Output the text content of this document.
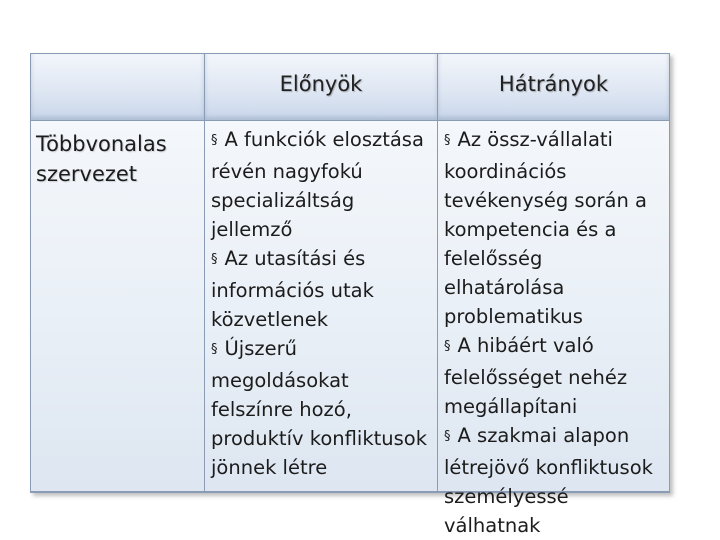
Előnyök	Hátrányok
Többvonalas szervezet

§ A funkciók elosztása révén nagyfokú specializáltság jellemző

§ Az utasítási és információs utak közvetlenek

§ Újszerű megoldásokat felszínre hozó, produktív konfliktusok jönnek létre

§ Az össz-vállalati koordinációs tevékenység során a kompetencia és a felelősség elhatárolása problematikus

§ A hibáért való felelősséget nehéz megállapítani

§ A szakmai alapon létrejövő konfliktusok személyessé válhatnak
